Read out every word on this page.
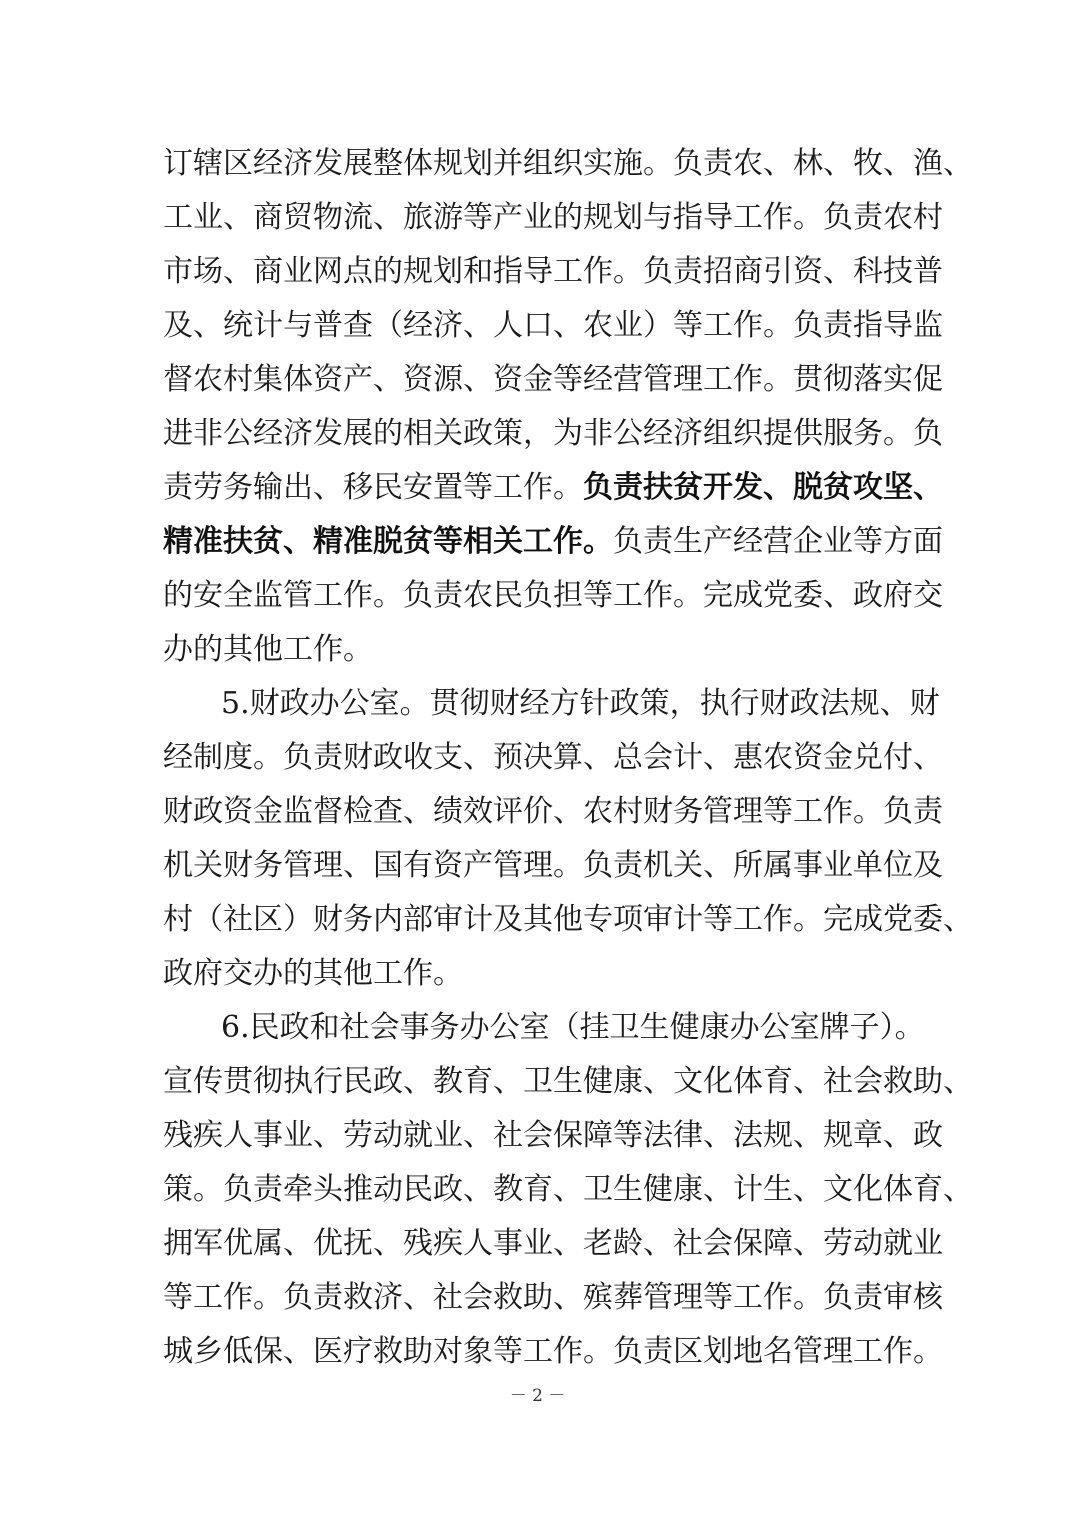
订辖区经济发展整体规划并组织实施。负责农、林、牧、渔、
工业、商贸物流、旅游等产业的规划与指导工作。负责农村
市场、商业网点的规划和指导工作。负责招商引资、科技普
及、统计与普查（经济、人口、农业）等工作。负责指导监
督农村集体资产、资源、资金等经营管理工作。贯彻落实促
进非公经济发展的相关政策，为非公经济组织提供服务。负
责劳务输出、移民安置等工作。负责扶贫开发、脱贫攻坚、
精准扶贫、精准脱贫等相关工作。负责生产经营企业等方面
的安全监管工作。负责农民负担等工作。完成党委、政府交
办的其他工作。
5.财政办公室。贯彻财经方针政策，执行财政法规、财
经制度。负责财政收支、预决算、总会计、惠农资金兑付、
财政资金监督检查、绩效评价、农村财务管理等工作。负责
机关财务管理、国有资产管理。负责机关、所属事业单位及
村（社区）财务内部审计及其他专项审计等工作。完成党委、
政府交办的其他工作。
6.民政和社会事务办公室（挂卫生健康办公室牌子）。
宣传贯彻执行民政、教育、卫生健康、文化体育、社会救助、
残疾人事业、劳动就业、社会保障等法律、法规、规章、政
策。负责牵头推动民政、教育、卫生健康、计生、文化体育、
拥军优属、优抚、残疾人事业、老龄、社会保障、劳动就业
等工作。负责救济、社会救助、殡葬管理等工作。负责审核
城乡低保、医疗救助对象等工作。负责区划地名管理工作。
－ 2 －
